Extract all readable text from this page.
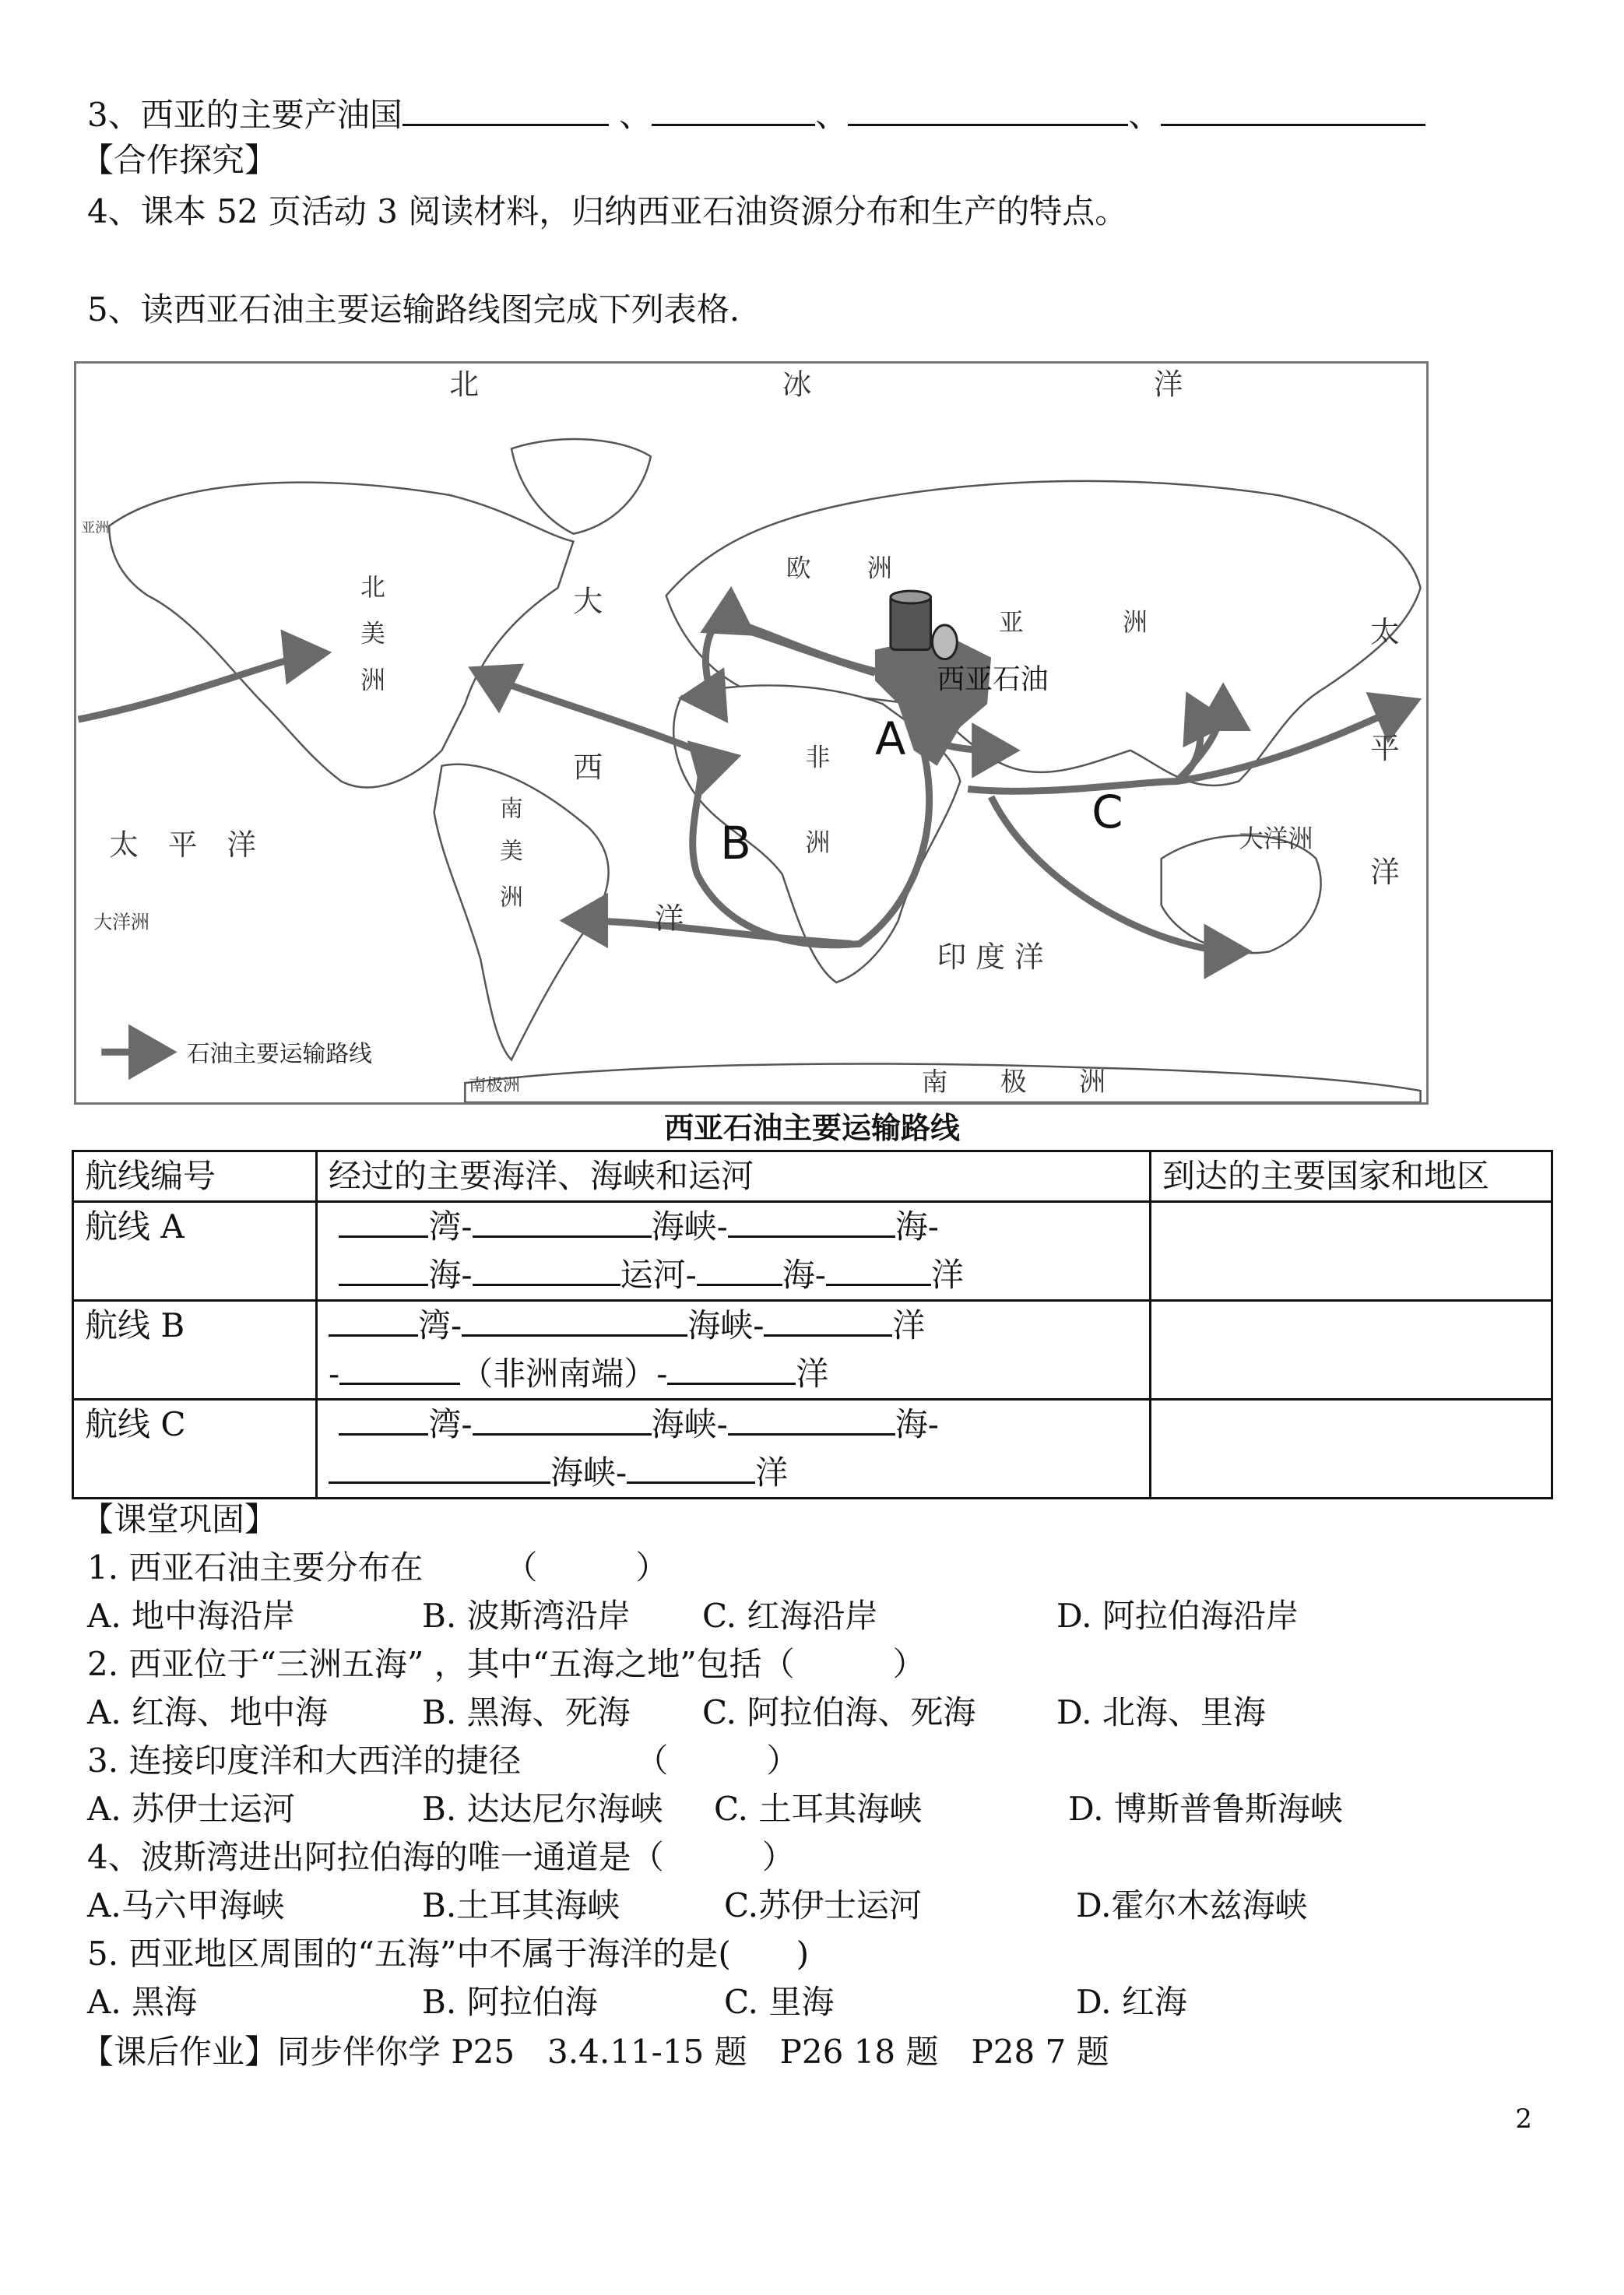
3、西亚的主要产油国	、	、	、
【合作探究】
4、课本 52 页活动 3 阅读材料，归纳西亚石油资源分布和生产的特点。
5、读西亚石油主要运输路线图完成下列表格.
北	冰	洋
欧 洲
亚	洲
北
美
洲
大
西
洋
非
洲
南
美
洲
太　平　洋
太
平
洋
印 度 洋
大洋洲
大洋洲
亚洲
南　　极　　洲
南极洲
西亚石油
A
B
C
石油主要运输路线
西亚石油主要运输路线
航线编号	经过的主要海洋、海峡和运河	到达的主要国家和地区
航线 A	湾- 海峡- 海-
海- 运河- 海- 洋	

航线 B	湾- 海峡- 洋
- （非洲南端）- 洋	

航线 C	湾- 海峡- 海-
海峡- 洋	

【课堂巩固】
1. 西亚石油主要分布在　　　（　　　）
A. 地中海沿岸	B. 波斯湾沿岸 C. 红海沿岸	D. 阿拉伯海沿岸
2. 西亚位于“三洲五海” ，其中“五海之地”包括（　　　）
A. 红海、地中海	B. 黑海、死海 C. 阿拉伯海、死海 D. 北海、里海
3. 连接印度洋和大西洋的捷径　　　　（　　　）
A. 苏伊士运河	B. 达达尼尔海峡 C. 土耳其海峡	D. 博斯普鲁斯海峡
4、波斯湾进出阿拉伯海的唯一通道是（　　　）
A.马六甲海峡	B.土耳其海峡	C.苏伊士运河	D.霍尔木兹海峡
5. 西亚地区周围的“五海”中不属于海洋的是(　　)
A. 黑海	B. 阿拉伯海	C. 里海	D. 红海
【课后作业】同步伴你学 P25　3.4.11-15 题　P26 18 题　P28 7 题
2
